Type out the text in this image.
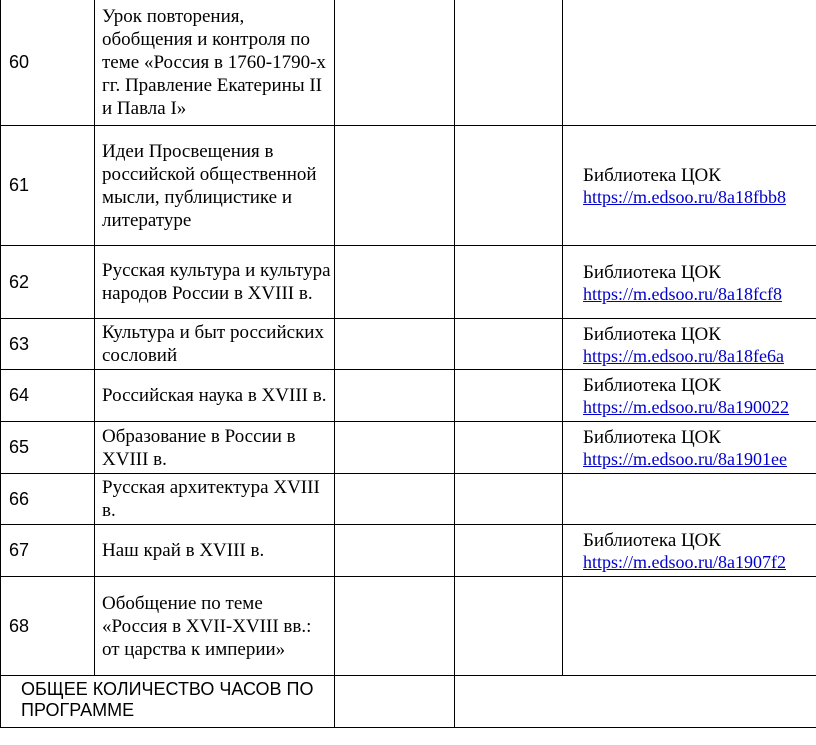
60	Урок повторения, обобщения и контроля по теме «Россия в 1760-1790-х гг. Правление Екатерины II и Павла I»			
61	Идеи Просвещения в российской общественной мысли, публицистике и литературе			Библиотека ЦОК
https://m.edsoo.ru/8a18fbb8

62	Русская культура и культура народов России в XVIII в.			Библиотека ЦОК
https://m.edsoo.ru/8a18fcf8

63	Культура и быт российских сословий			Библиотека ЦОК
https://m.edsoo.ru/8a18fe6a

64	Российская наука в XVIII в.			Библиотека ЦОК
https://m.edsoo.ru/8a190022

65	Образование в России в XVIII в.			Библиотека ЦОК
https://m.edsoo.ru/8a1901ee

66	Русская архитектура XVIII в.			
67	Наш край в XVIII в.			Библиотека ЦОК
https://m.edsoo.ru/8a1907f2

68	Обобщение по теме «Россия в XVII-XVIII вв.: от царства к империи»			
ОБЩЕЕ КОЛИЧЕСТВО ЧАСОВ ПО ПРОГРАММЕ				
